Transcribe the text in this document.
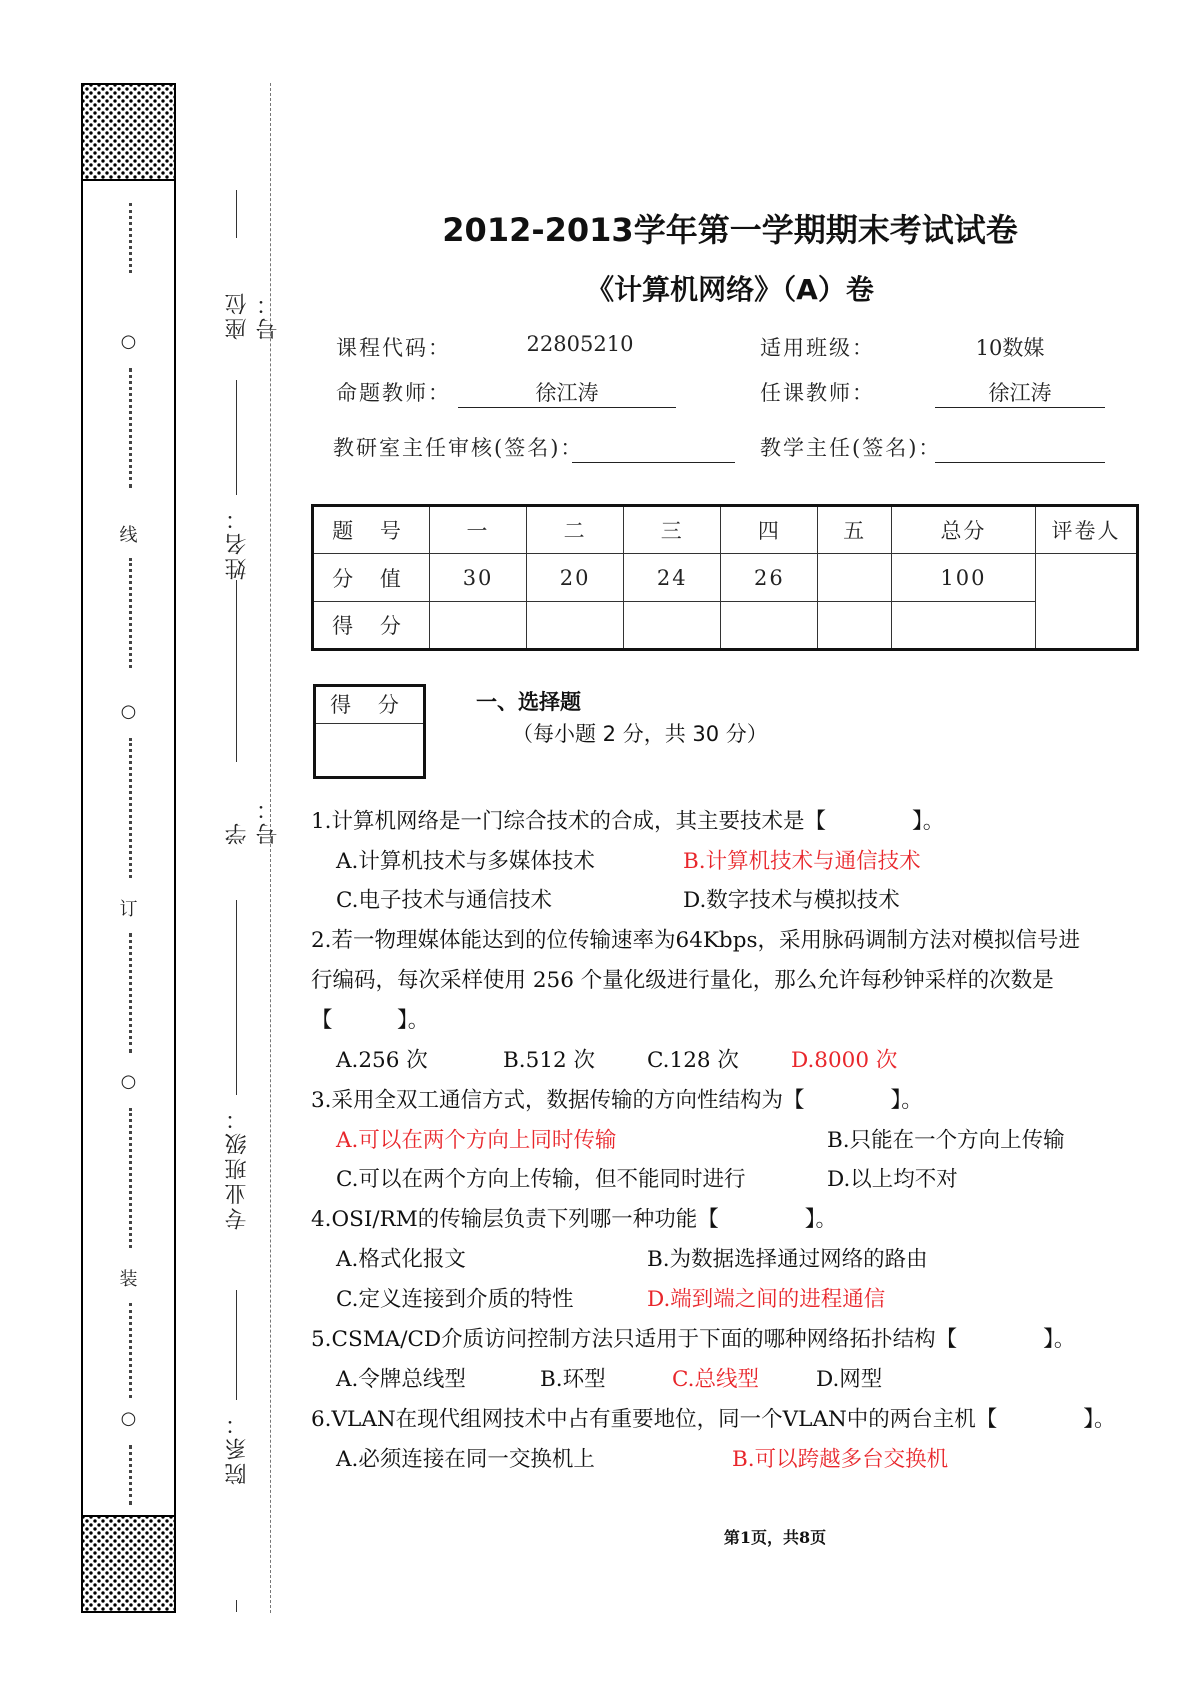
○
线
○
订
○
装
○
座位号：
姓名：
学号：
专业班级：
院系：
2012-2013学年第一学期期末考试试卷
《计算机网络》（A）卷
课程代码：	22805210	适用班级：	10数媒
命题教师：	徐江涛	任课教师：	徐江涛
教研室主任审核(签名)：	教学主任(签名)：
题 号	一	二	三	四	五	总分	评卷人
分 值	30	20	24	26		100	
得 分							
得 分	一、选择题
（每小题 2 分，共 30 分）
1.计算机网络是一门综合技术的合成，其主要技术是【　　　　】。
A.计算机技术与多媒体技术	B.计算机技术与通信技术
C.电子技术与通信技术	D.数字技术与模拟技术
2.若一物理媒体能达到的位传输速率为64Kbps，采用脉码调制方法对模拟信号进
行编码，每次采样使用 256 个量化级进行量化，那么允许每秒钟采样的次数是
【　　　】。
A.256 次	B.512 次 C.128 次 D.8000 次
3.采用全双工通信方式，数据传输的方向性结构为【　　　　】。
A.可以在两个方向上同时传输	B.只能在一个方向上传输
C.可以在两个方向上传输，但不能同时进行	D.以上均不对
4.OSI/RM的传输层负责下列哪一种功能【　　　　】。
A.格式化报文	B.为数据选择通过网络的路由
C.定义连接到介质的特性	D.端到端之间的进程通信
5.CSMA/CD介质访问控制方法只适用于下面的哪种网络拓扑结构【　　　　】。
A.令牌总线型	B.环型	C.总线型	D.网型
6.VLAN在现代组网技术中占有重要地位，同一个VLAN中的两台主机【　　　　】。
A.必须连接在同一交换机上	B.可以跨越多台交换机
第1页，共8页
